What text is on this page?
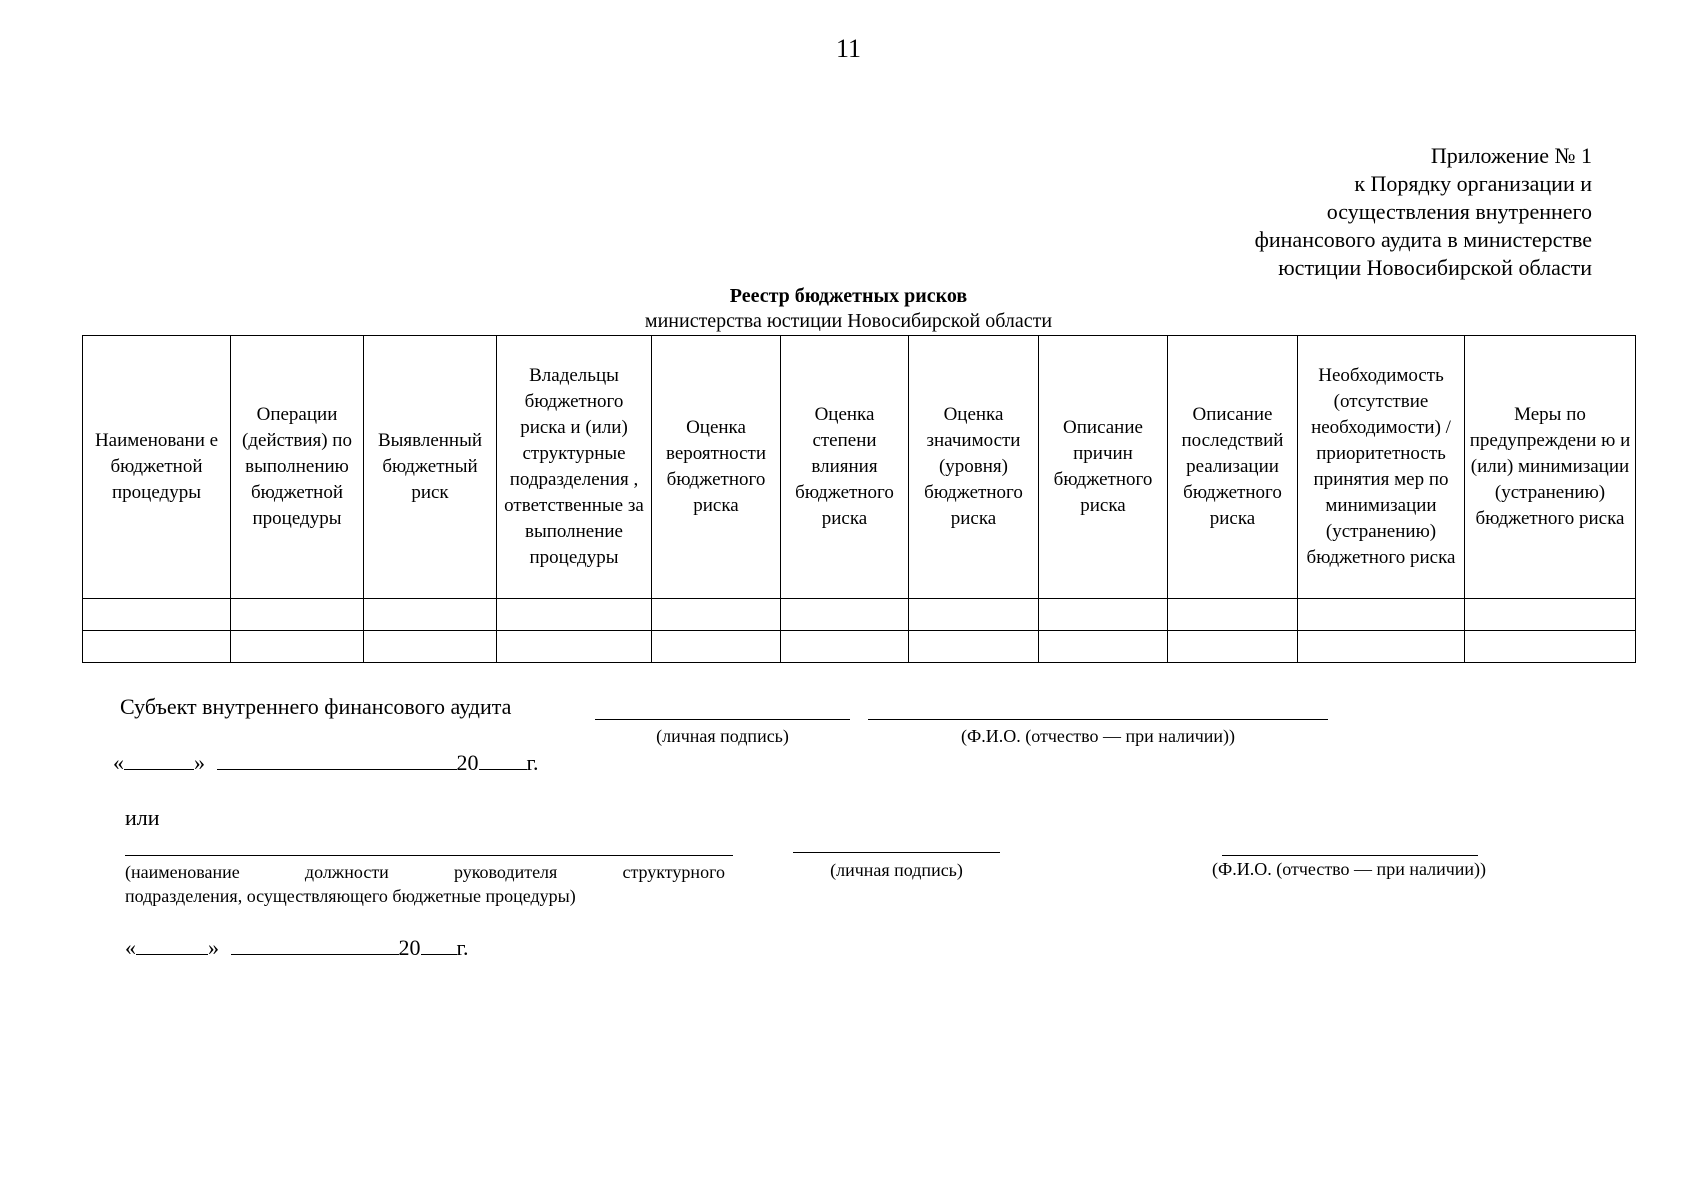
11
Приложение № 1
к Порядку организации и
осуществления внутреннего
финансового аудита в министерстве
юстиции Новосибирской области
Реестр бюджетных рисков
министерства юстиции Новосибирской области
Наименовани е бюджетной процедуры	Операции (действия) по выполнению бюджетной процедуры	Выявленный бюджетный риск	Владельцы бюджетного риска и (или) структурные подразделения , ответственные за выполнение процедуры	Оценка вероятности бюджетного риска	Оценка степени влияния бюджетного риска	Оценка значимости (уровня) бюджетного риска	Описание причин бюджетного риска	Описание последствий реализации бюджетного риска	Необходимость (отсутствие необходимости) / приоритетность принятия мер по минимизации (устранению) бюджетного риска	Меры по предупреждени ю и (или) минимизации (устранению) бюджетного риска

Субъект внутреннего финансового аудита
(личная подпись)	(Ф.И.О. (отчество — при наличии))
«	»	20 г.
или
(наименование должности руководителя структурного
подразделения, осуществляющего бюджетные процедуры)
(личная подпись)	(Ф.И.О. (отчество — при наличии))
«	»	20 г.
